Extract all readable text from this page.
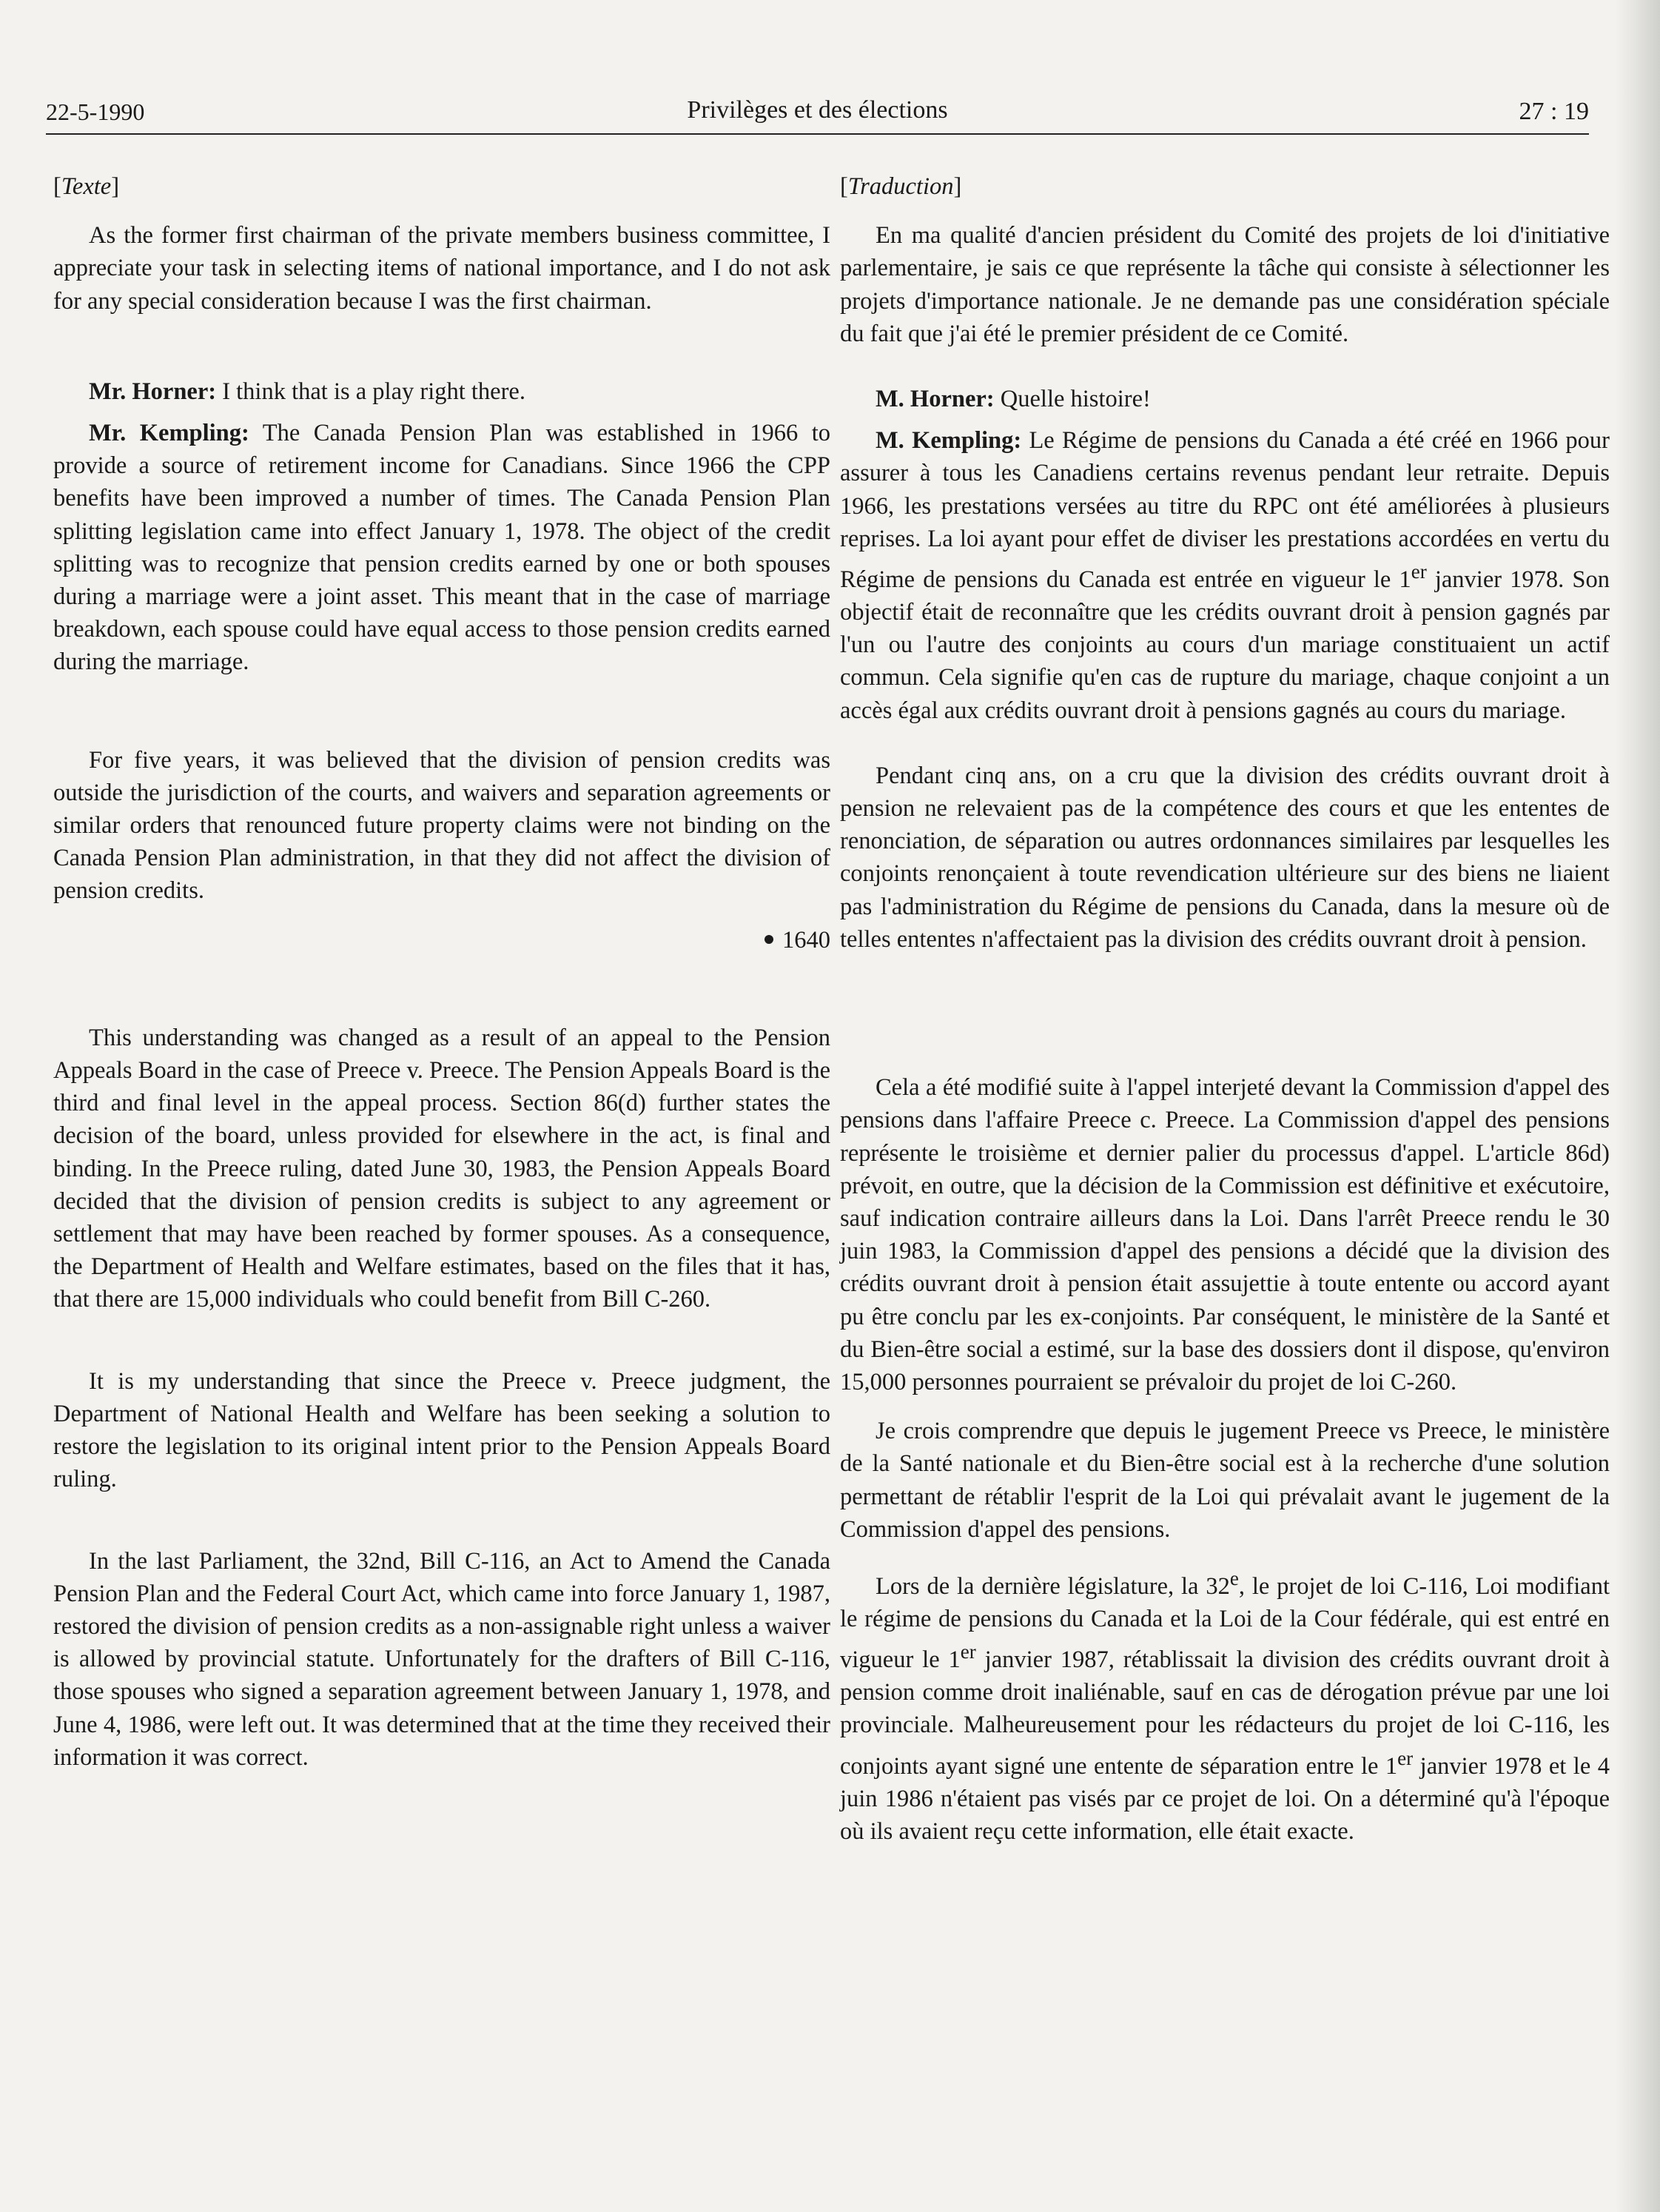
22-5-1990	Privilèges et des élections	27 : 19

[Texte]

As the former first chairman of the private members business committee, I appreciate your task in selecting items of national importance, and I do not ask for any special consideration because I was the first chairman.

Mr. Horner: I think that is a play right there.

Mr. Kempling: The Canada Pension Plan was established in 1966 to provide a source of retirement income for Canadians. Since 1966 the CPP benefits have been improved a number of times. The Canada Pension Plan splitting legislation came into effect January 1, 1978. The object of the credit splitting was to recognize that pension credits earned by one or both spouses during a marriage were a joint asset. This meant that in the case of marriage breakdown, each spouse could have equal access to those pension credits earned during the marriage.

For five years, it was believed that the division of pension credits was outside the jurisdiction of the courts, and waivers and separation agreements or similar orders that renounced future property claims were not binding on the Canada Pension Plan administration, in that they did not affect the division of pension credits.

1640

This understanding was changed as a result of an appeal to the Pension Appeals Board in the case of Preece v. Preece. The Pension Appeals Board is the third and final level in the appeal process. Section 86(d) further states the decision of the board, unless provided for elsewhere in the act, is final and binding. In the Preece ruling, dated June 30, 1983, the Pension Appeals Board decided that the division of pension credits is subject to any agreement or settlement that may have been reached by former spouses. As a consequence, the Department of Health and Welfare estimates, based on the files that it has, that there are 15,000 individuals who could benefit from Bill C-260.

It is my understanding that since the Preece v. Preece judgment, the Department of National Health and Welfare has been seeking a solution to restore the legislation to its original intent prior to the Pension Appeals Board ruling.

In the last Parliament, the 32nd, Bill C-116, an Act to Amend the Canada Pension Plan and the Federal Court Act, which came into force January 1, 1987, restored the division of pension credits as a non-assignable right unless a waiver is allowed by provincial statute. Unfortunately for the drafters of Bill C-116, those spouses who signed a separation agreement between January 1, 1978, and June 4, 1986, were left out. It was determined that at the time they received their information it was correct.

[Traduction]

En ma qualité d'ancien président du Comité des projets de loi d'initiative parlementaire, je sais ce que représente la tâche qui consiste à sélectionner les projets d'importance nationale. Je ne demande pas une considération spéciale du fait que j'ai été le premier président de ce Comité.

M. Horner: Quelle histoire!

M. Kempling: Le Régime de pensions du Canada a été créé en 1966 pour assurer à tous les Canadiens certains revenus pendant leur retraite. Depuis 1966, les prestations versées au titre du RPC ont été améliorées à plusieurs reprises. La loi ayant pour effet de diviser les prestations accordées en vertu du Régime de pensions du Canada est entrée en vigueur le 1er janvier 1978. Son objectif était de reconnaître que les crédits ouvrant droit à pension gagnés par l'un ou l'autre des conjoints au cours d'un mariage constituaient un actif commun. Cela signifie qu'en cas de rupture du mariage, chaque conjoint a un accès égal aux crédits ouvrant droit à pensions gagnés au cours du mariage.

Pendant cinq ans, on a cru que la division des crédits ouvrant droit à pension ne relevaient pas de la compétence des cours et que les ententes de renonciation, de séparation ou autres ordonnances similaires par lesquelles les conjoints renonçaient à toute revendication ultérieure sur des biens ne liaient pas l'administration du Régime de pensions du Canada, dans la mesure où de telles ententes n'affectaient pas la division des crédits ouvrant droit à pension.

Cela a été modifié suite à l'appel interjeté devant la Commission d'appel des pensions dans l'affaire Preece c. Preece. La Commission d'appel des pensions représente le troisième et dernier palier du processus d'appel. L'article 86d) prévoit, en outre, que la décision de la Commission est définitive et exécutoire, sauf indication contraire ailleurs dans la Loi. Dans l'arrêt Preece rendu le 30 juin 1983, la Commission d'appel des pensions a décidé que la division des crédits ouvrant droit à pension était assujettie à toute entente ou accord ayant pu être conclu par les ex-conjoints. Par conséquent, le ministère de la Santé et du Bien-être social a estimé, sur la base des dossiers dont il dispose, qu'environ 15,000 personnes pourraient se prévaloir du projet de loi C-260.

Je crois comprendre que depuis le jugement Preece vs Preece, le ministère de la Santé nationale et du Bien-être social est à la recherche d'une solution permettant de rétablir l'esprit de la Loi qui prévalait avant le jugement de la Commission d'appel des pensions.

Lors de la dernière législature, la 32e, le projet de loi C-116, Loi modifiant le régime de pensions du Canada et la Loi de la Cour fédérale, qui est entré en vigueur le 1er janvier 1987, rétablissait la division des crédits ouvrant droit à pension comme droit inaliénable, sauf en cas de dérogation prévue par une loi provinciale. Malheureusement pour les rédacteurs du projet de loi C-116, les conjoints ayant signé une entente de séparation entre le 1er janvier 1978 et le 4 juin 1986 n'étaient pas visés par ce projet de loi. On a déterminé qu'à l'époque où ils avaient reçu cette information, elle était exacte.
